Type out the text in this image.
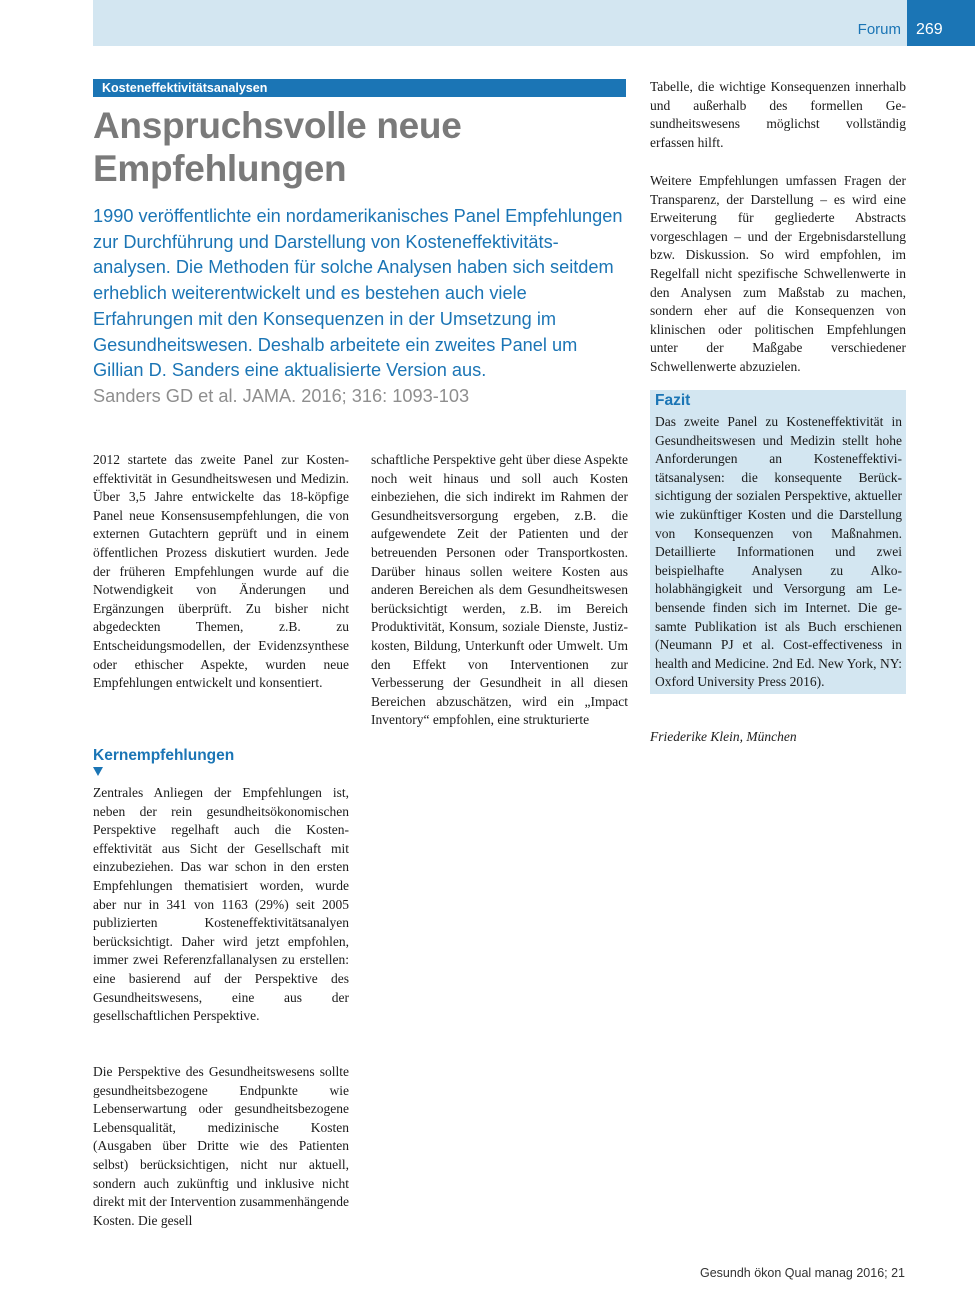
Forum 269
Kosteneffektivitätsanalysen
Anspruchsvolle neue Empfehlungen

1990 veröffentlichte ein nordamerikanisches Panel Empfehlungen zur Durchführung und Darstellung von Kosteneffektivitätsanalysen. Die Methoden für solche Analysen haben sich seitdem erheblich weiterentwickelt und es bestehen auch viele Erfahrungen mit den Konsequenzen in der Umsetzung im Gesundheitswesen. Deshalb arbeitete ein zweites Panel um Gillian D. Sanders eine aktualisierte Version aus.

Sanders GD et al. JAMA. 2016; 316: 1093-103

2012 startete das zweite Panel zur Kosteneffektivität in Gesundheitswesen und Medizin. Über 3,5 Jahre entwickelte das 18-köpfige Panel neue Konsensusempfehlungen, die von externen Gutachtern geprüft und in einem öffentlichen Prozess diskutiert wurden. Jede der früheren Empfehlungen wurde auf die Notwendigkeit von Änderungen und Ergänzungen überprüft. Zu bisher nicht abgedeckten Themen, z.B. zu Entscheidungsmodellen, der Evidenzsynthese oder ethischer Aspekte, wurden neue Empfehlungen entwickelt und konsentiert.

Kernempfehlungen

Zentrales Anliegen der Empfehlungen ist, neben der rein gesundheitsökonomischen Perspektive regelhaft auch die Kosteneffektivität aus Sicht der Gesellschaft mit einzubeziehen. Das war schon in den ersten Empfehlungen thematisiert worden, wurde aber nur in 341 von 1163 (29%) seit 2005 publizierten Kosteneffektivitätsanalyen berücksichtigt. Daher wird jetzt empfohlen, immer zwei Referenzfallanalysen zu erstellen: eine basierend auf der Perspektive des Gesundheitswesens, eine aus der gesellschaftlichen Perspektive.

Die Perspektive des Gesundheitswesens sollte gesundheitsbezogene Endpunkte wie Lebenserwartung oder gesundheitsbezogene Lebensqualität, medizinische Kosten (Ausgaben über Dritte wie des Patienten selbst) berücksichtigen, nicht nur aktuell, sondern auch zukünftig und inklusive nicht direkt mit der Intervention zusammenhängende Kosten. Die gesell

schaftliche Perspektive geht über diese Aspekte noch weit hinaus und soll auch Kosten einbeziehen, die sich indirekt im Rahmen der Gesundheitsversorgung ergeben, z.B. die aufgewendete Zeit der Patienten und der betreuenden Personen oder Transportkosten. Darüber hinaus sollen weitere Kosten aus anderen Bereichen als dem Gesundheitswesen berücksichtigt werden, z.B. im Bereich Produktivität, Konsum, soziale Dienste, Justizkosten, Bildung, Unterkunft oder Umwelt. Um den Effekt von Interventionen zur Verbesserung der Gesundheit in all diesen Bereichen abzuschätzen, wird ein „Impact Inventory“ empfohlen, eine strukturierte

Tabelle, die wichtige Konsequenzen innerhalb und außerhalb des formellen Gesundheitswesens möglichst vollständig erfassen hilft.

Weitere Empfehlungen umfassen Fragen der Transparenz, der Darstellung – es wird eine Erweiterung für gegliederte Abstracts vorgeschlagen – und der Ergebnisdarstellung bzw. Diskussion. So wird empfohlen, im Regelfall nicht spezifische Schwellenwerte in den Analysen zum Maßstab zu machen, sondern eher auf die Konsequenzen von klinischen oder politischen Empfehlungen unter der Maßgabe verschiedener Schwellenwerte abzuzielen.

Fazit

Das zweite Panel zu Kosteneffektivität in Gesundheitswesen und Medizin stellt hohe Anforderungen an Kosteneffektivitätsanalysen: die konsequente Berücksichtigung der sozialen Perspektive, aktueller wie zukünftiger Kosten und die Darstellung von Konsequenzen von Maßnahmen. Detaillierte Informationen und zwei beispielhafte Analysen zu Alkoholabhängigkeit und Versorgung am Lebensende finden sich im Internet. Die gesamte Publikation ist als Buch erschienen (Neumann PJ et al. Cost-effectiveness in health and Medicine. 2nd Ed. New York, NY: Oxford University Press 2016).

Friederike Klein, München

Gesundh ökon Qual manag 2016; 21
